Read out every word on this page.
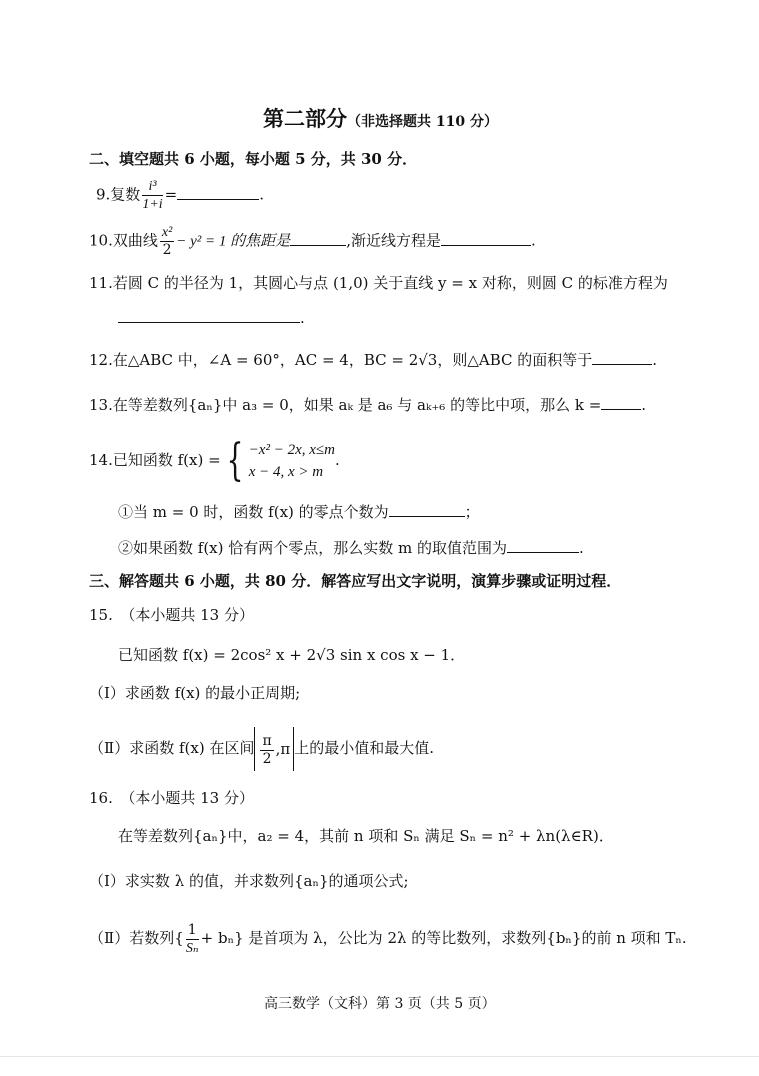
第二部分（非选择题共 110 分）
二、填空题共 6 小题，每小题 5 分，共 30 分．
9.复数 $\frac{\text{i³}}{1+i}$ =	.
10.双曲线 $\frac{\text{x²}}{2} - y^2 = 1$ 的焦距是	,渐近线方程是	.
11.若圆 C 的半径为 1，其圆心与点 (1,0) 关于直线 y = x 对称，则圆 C 的标准方程为
.
12.在△ABC 中，∠A = 60°，AC = 4，BC = 2√3，则△ABC 的面积等于	.
13.在等差数列{aₙ}中 a₃ = 0，如果 aₖ 是 a₆ 与 aₖ₊₆ 的等比中项，那么 k =	.
14.已知函数 f(x) = { −x² − 2x, x≤m
x − 4, x > m
.
①当 m = 0 时，函数 f(x) 的零点个数为	；
②如果函数 f(x) 恰有两个零点，那么实数 m 的取值范围为	.
三、解答题共 6 小题，共 80 分．解答应写出文字说明，演算步骤或证明过程．
15.　（本小题共 13 分）
已知函数 f(x) = 2cos² x + 2√3 sin x cos x − 1．
（Ⅰ）求函数 f(x) 的最小正周期;
（Ⅱ）求函数 f(x) 在区间 $\frac{\pi}{2} ,\pi$ 上的最小值和最大值.
16.　（本小题共 13 分）
在等差数列{aₙ}中，a₂ = 4，其前 n 项和 Sₙ 满足 Sₙ = n² + λn(λ∈R)．
（Ⅰ）求实数 λ 的值，并求数列{aₙ}的通项公式;
（Ⅱ）若数列{ $\frac{1}{\text{Sₙ}} + b_n$} 是首项为 λ，公比为 2λ 的等比数列，求数列{bₙ}的前 n 项和 Tₙ.
高三数学（文科）第 3 页（共 5 页）
